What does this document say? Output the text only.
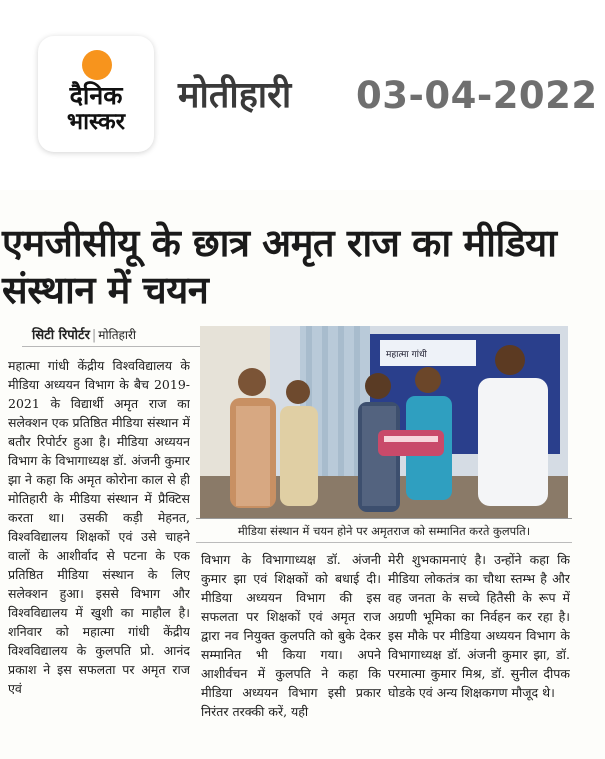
दैनिक
भास्कर
मोतीहारी 03-04-2022
एमजीसीयू के छात्र अमृत राज का मीडिया संस्थान में चयन
सिटी रिपोर्टर | मोतिहारी
महात्मा गांधी केंद्रीय विश्वविद्यालय के मीडिया अध्ययन विभाग के बैच 2019-2021 के विद्यार्थी अमृत राज का सलेक्शन एक प्रतिष्ठित मीडिया संस्थान में बतौर रिपोर्टर हुआ है। मीडिया अध्ययन विभाग के विभागाध्यक्ष डॉ. अंजनी कुमार झा ने कहा कि अमृत कोरोना काल से ही मोतिहारी के मीडिया संस्थान में प्रैक्टिस करता था। उसकी कड़ी मेहनत, विश्वविद्यालय शिक्षकों एवं उसे चाहने वालों के आशीर्वाद से पटना के एक प्रतिष्ठित मीडिया संस्थान के लिए सलेक्शन हुआ। इससे विभाग और विश्वविद्यालय में खुशी का माहौल है। शनिवार को महात्मा गांधी केंद्रीय विश्वविद्यालय के कुलपति प्रो. आनंद प्रकाश ने इस सफलता पर अमृत राज एवं
महात्मा गांधी
मीडिया संस्थान में चयन होने पर अमृतराज को सम्मानित करते कुलपति।
विभाग के विभागाध्यक्ष डॉ. अंजनी कुमार झा एवं शिक्षकों को बधाई दी। मीडिया अध्ययन विभाग की इस सफलता पर शिक्षकों एवं अमृत राज द्वारा नव नियुक्त कुलपति को बुके देकर सम्मानित भी किया गया। अपने आशीर्वचन में कुलपति ने कहा कि मीडिया अध्ययन विभाग इसी प्रकार निरंतर तरक्की करें, यही
मेरी शुभकामनाएं है। उन्होंने कहा कि मीडिया लोकतंत्र का चौथा स्तम्भ है और वह जनता के सच्चे हितैसी के रूप में अग्रणी भूमिका का निर्वहन कर रहा है। इस मौके पर मीडिया अध्ययन विभाग के विभागाध्यक्ष डॉ. अंजनी कुमार झा, डॉ. परमात्मा कुमार मिश्र, डॉ. सुनील दीपक घोडके एवं अन्य शिक्षकगण मौजूद थे।
